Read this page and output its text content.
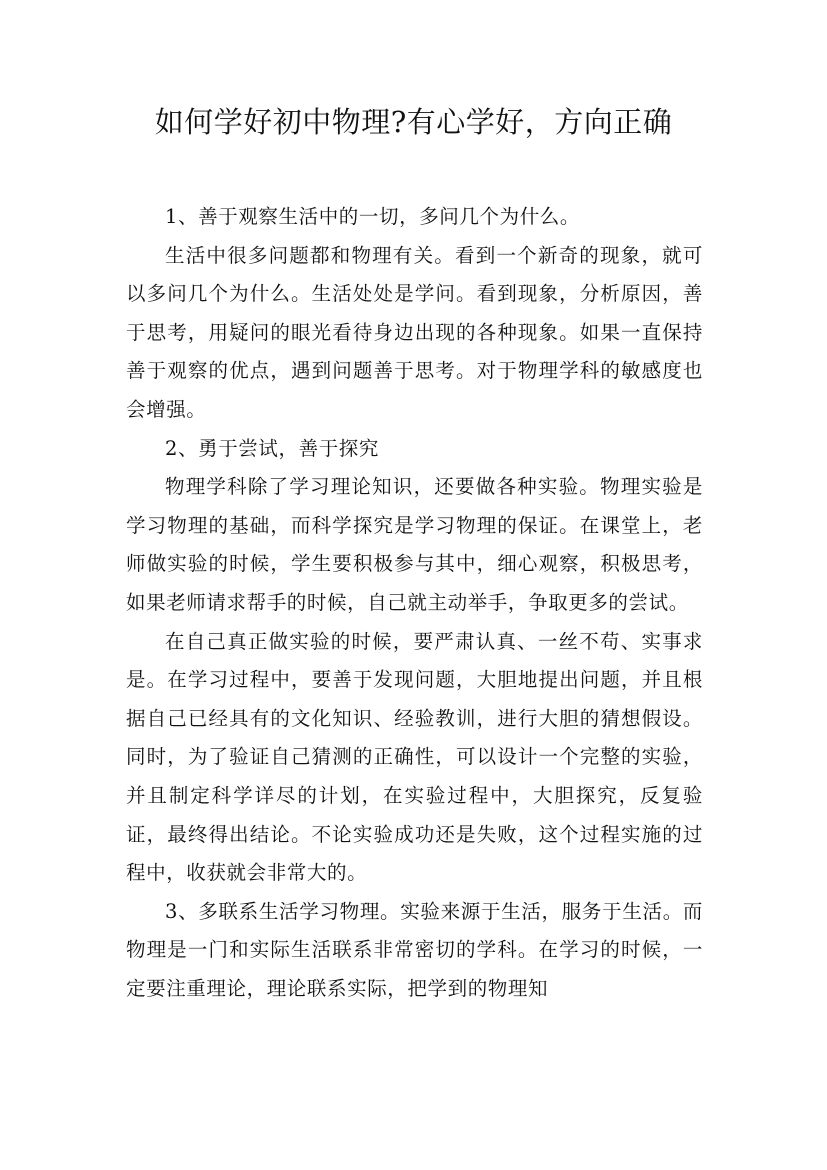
如何学好初中物理?有心学好，方向正确

1、善于观察生活中的一切，多问几个为什么。

生活中很多问题都和物理有关。看到一个新奇的现象，就可以多问几个为什么。生活处处是学问。看到现象，分析原因，善于思考，用疑问的眼光看待身边出现的各种现象。如果一直保持善于观察的优点，遇到问题善于思考。对于物理学科的敏感度也会增强。

2、勇于尝试，善于探究

物理学科除了学习理论知识，还要做各种实验。物理实验是学习物理的基础，而科学探究是学习物理的保证。在课堂上，老师做实验的时候，学生要积极参与其中，细心观察，积极思考，如果老师请求帮手的时候，自己就主动举手，争取更多的尝试。

在自己真正做实验的时候，要严肃认真、一丝不苟、实事求是。在学习过程中，要善于发现问题，大胆地提出问题，并且根据自己已经具有的文化知识、经验教训，进行大胆的猜想假设。同时，为了验证自己猜测的正确性，可以设计一个完整的实验，并且制定科学详尽的计划，在实验过程中，大胆探究，反复验证，最终得出结论。不论实验成功还是失败，这个过程实施的过程中，收获就会非常大的。

3、多联系生活学习物理。实验来源于生活，服务于生活。而物理是一门和实际生活联系非常密切的学科。在学习的时候，一定要注重理论，理论联系实际，把学到的物理知
